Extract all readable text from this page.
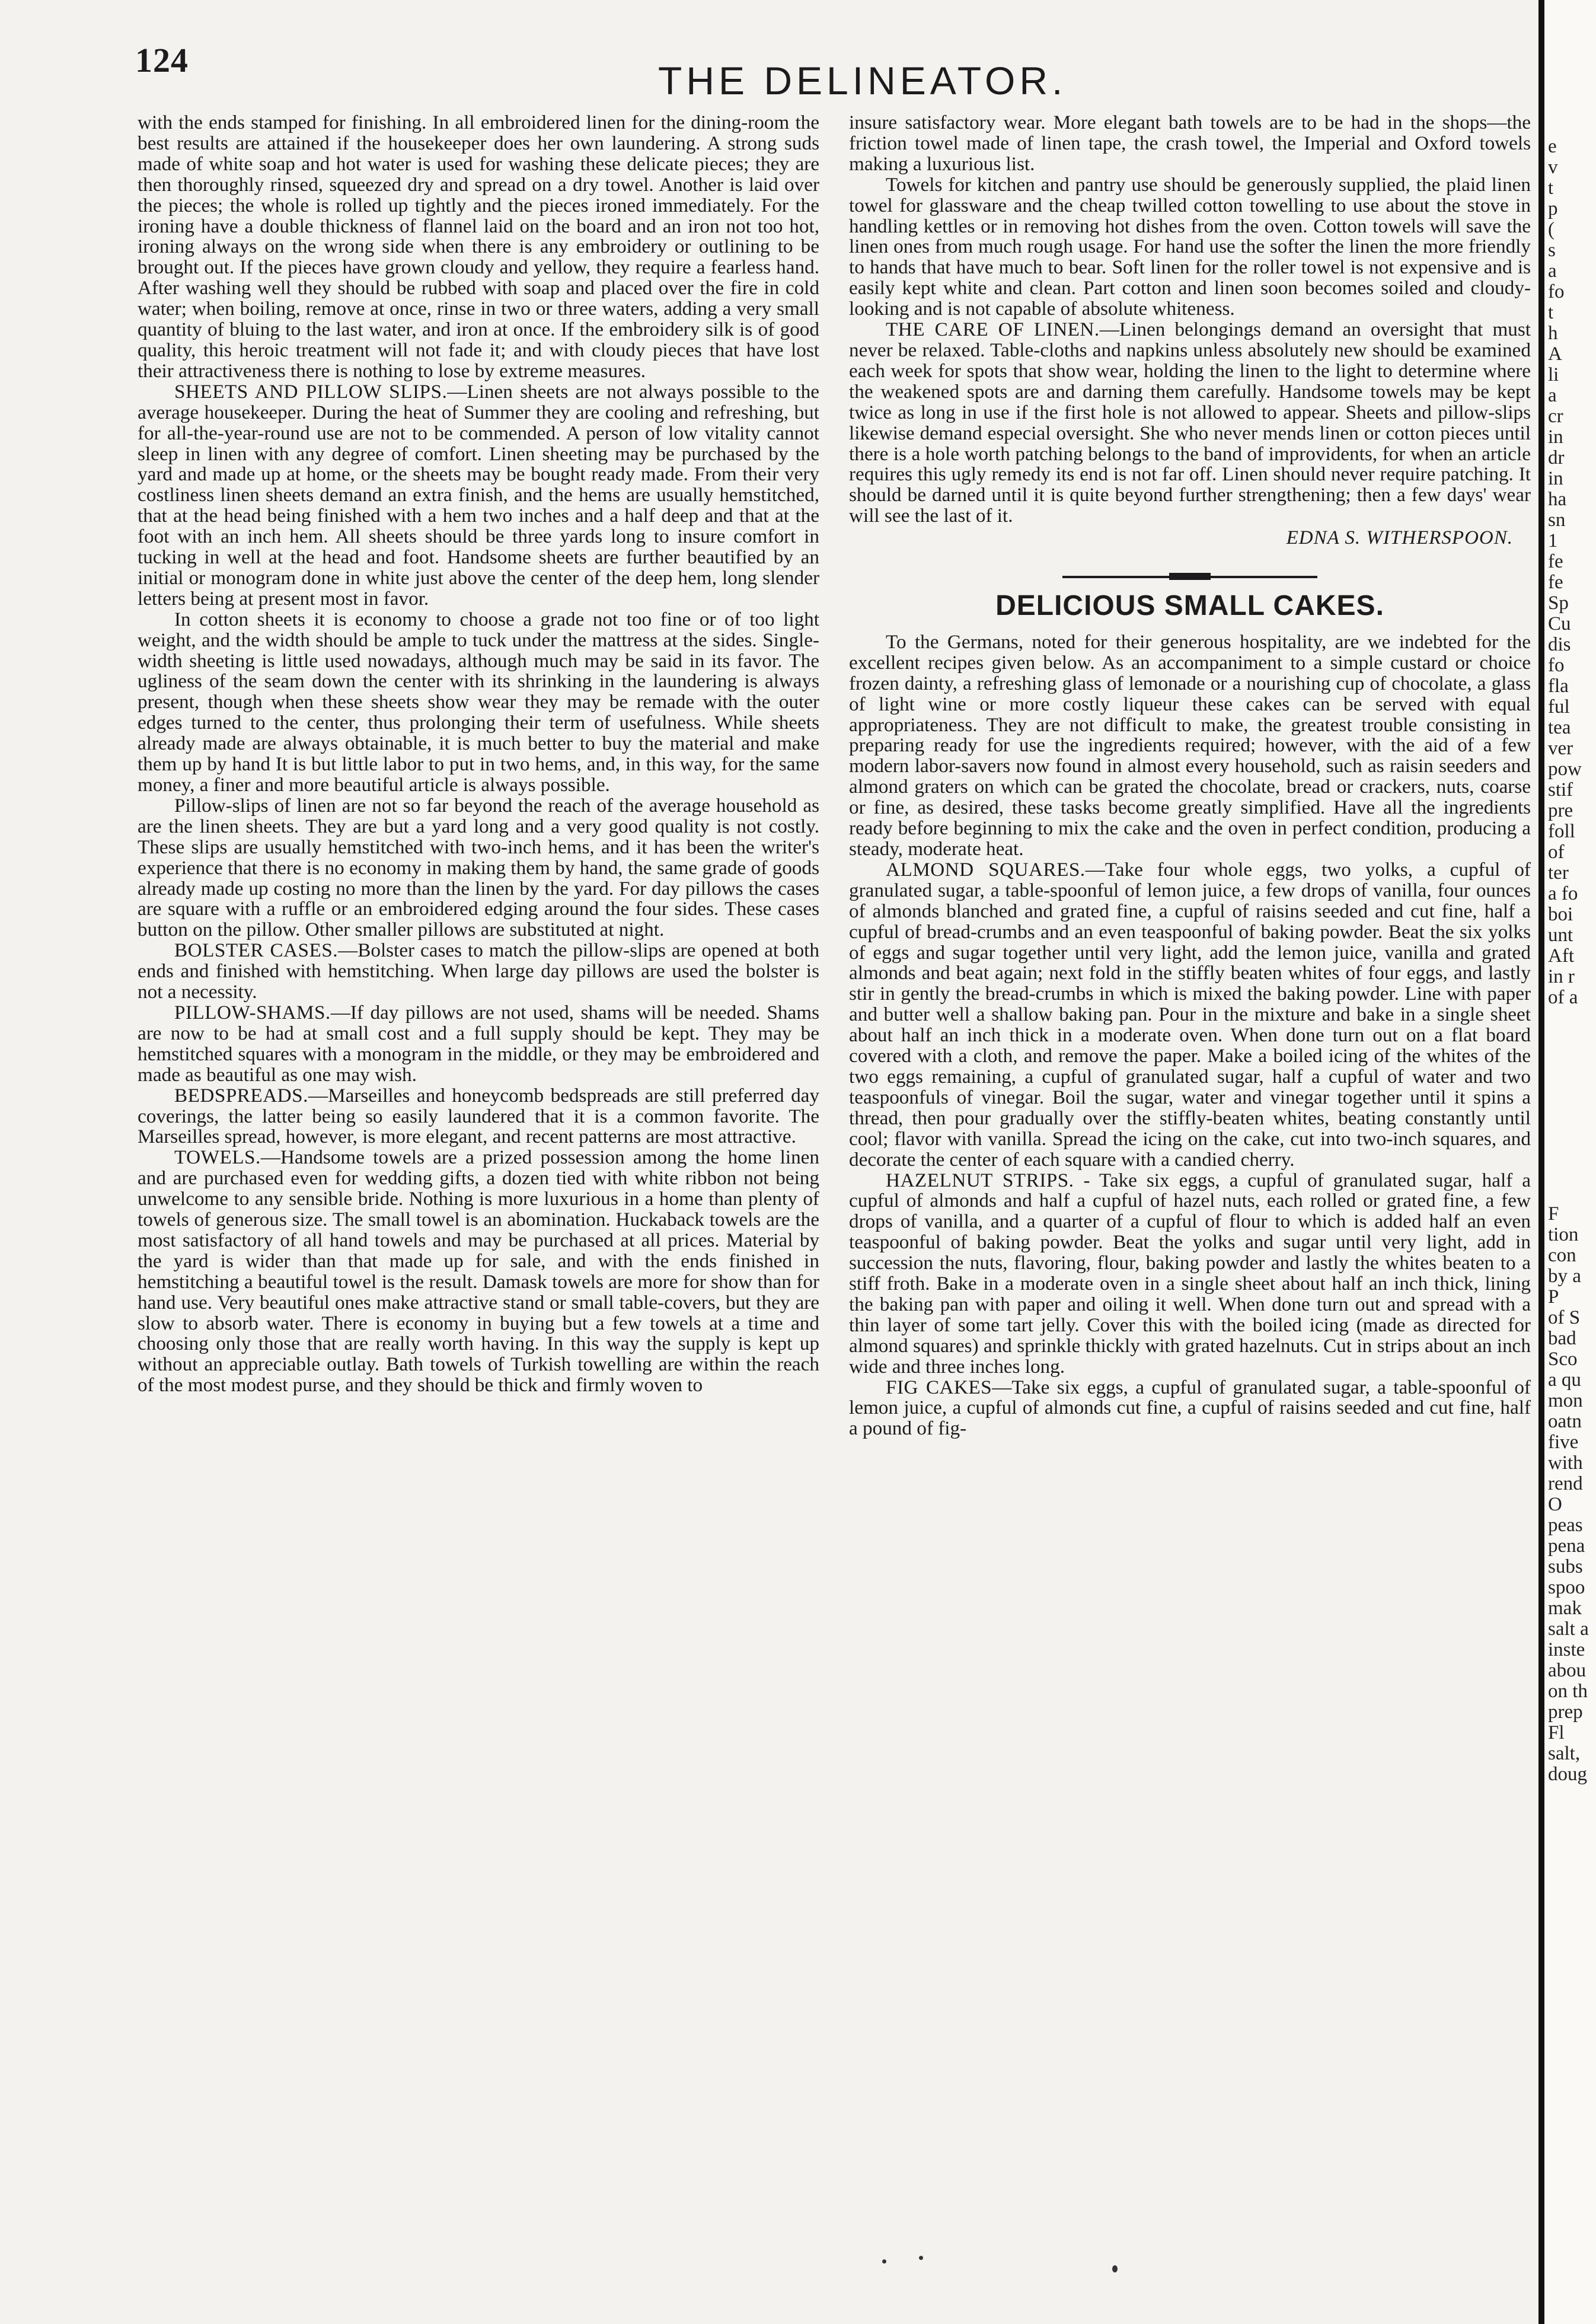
124	THE DELINEATOR.

with the ends stamped for finishing. In all embroidered linen for the dining-room the best results are attained if the housekeeper does her own laundering. A strong suds made of white soap and hot water is used for washing these delicate pieces; they are then thoroughly rinsed, squeezed dry and spread on a dry towel. Another is laid over the pieces; the whole is rolled up tightly and the pieces ironed immediately. For the ironing have a double thickness of flannel laid on the board and an iron not too hot, ironing always on the wrong side when there is any embroidery or outlining to be brought out. If the pieces have grown cloudy and yellow, they require a fearless hand. After washing well they should be rubbed with soap and placed over the fire in cold water; when boiling, remove at once, rinse in two or three waters, adding a very small quantity of bluing to the last water, and iron at once. If the embroidery silk is of good quality, this heroic treatment will not fade it; and with cloudy pieces that have lost their attractiveness there is nothing to lose by extreme measures.

SHEETS AND PILLOW SLIPS.—Linen sheets are not always possible to the average housekeeper. During the heat of Summer they are cooling and refreshing, but for all-the-year-round use are not to be commended. A person of low vitality cannot sleep in linen with any degree of comfort. Linen sheeting may be purchased by the yard and made up at home, or the sheets may be bought ready made. From their very costliness linen sheets demand an extra finish, and the hems are usually hemstitched, that at the head being finished with a hem two inches and a half deep and that at the foot with an inch hem. All sheets should be three yards long to insure comfort in tucking in well at the head and foot. Handsome sheets are further beautified by an initial or monogram done in white just above the center of the deep hem, long slender letters being at present most in favor.

In cotton sheets it is economy to choose a grade not too fine or of too light weight, and the width should be ample to tuck under the mattress at the sides. Single-width sheeting is little used nowadays, although much may be said in its favor. The ugliness of the seam down the center with its shrinking in the laundering is always present, though when these sheets show wear they may be remade with the outer edges turned to the center, thus prolonging their term of usefulness. While sheets already made are always obtainable, it is much better to buy the material and make them up by hand It is but little labor to put in two hems, and, in this way, for the same money, a finer and more beautiful article is always possible.

Pillow-slips of linen are not so far beyond the reach of the average household as are the linen sheets. They are but a yard long and a very good quality is not costly. These slips are usually hemstitched with two-inch hems, and it has been the writer's experience that there is no economy in making them by hand, the same grade of goods already made up costing no more than the linen by the yard. For day pillows the cases are square with a ruffle or an embroidered edging around the four sides. These cases button on the pillow. Other smaller pillows are substituted at night.

BOLSTER CASES.—Bolster cases to match the pillow-slips are opened at both ends and finished with hemstitching. When large day pillows are used the bolster is not a necessity.

PILLOW-SHAMS.—If day pillows are not used, shams will be needed. Shams are now to be had at small cost and a full supply should be kept. They may be hemstitched squares with a monogram in the middle, or they may be embroidered and made as beautiful as one may wish.

BEDSPREADS.—Marseilles and honeycomb bedspreads are still preferred day coverings, the latter being so easily laundered that it is a common favorite. The Marseilles spread, however, is more elegant, and recent patterns are most attractive.

TOWELS.—Handsome towels are a prized possession among the home linen and are purchased even for wedding gifts, a dozen tied with white ribbon not being unwelcome to any sensible bride. Nothing is more luxurious in a home than plenty of towels of generous size. The small towel is an abomination. Huckaback towels are the most satisfactory of all hand towels and may be purchased at all prices. Material by the yard is wider than that made up for sale, and with the ends finished in hemstitching a beautiful towel is the result. Damask towels are more for show than for hand use. Very beautiful ones make attractive stand or small table-covers, but they are slow to absorb water. There is economy in buying but a few towels at a time and choosing only those that are really worth having. In this way the supply is kept up without an appreciable outlay. Bath towels of Turkish towelling are within the reach of the most modest purse, and they should be thick and firmly woven to

insure satisfactory wear. More elegant bath towels are to be had in the shops—the friction towel made of linen tape, the crash towel, the Imperial and Oxford towels making a luxurious list.

Towels for kitchen and pantry use should be generously supplied, the plaid linen towel for glassware and the cheap twilled cotton towelling to use about the stove in handling kettles or in removing hot dishes from the oven. Cotton towels will save the linen ones from much rough usage. For hand use the softer the linen the more friendly to hands that have much to bear. Soft linen for the roller towel is not expensive and is easily kept white and clean. Part cotton and linen soon becomes soiled and cloudy-looking and is not capable of absolute whiteness.

THE CARE OF LINEN.—Linen belongings demand an oversight that must never be relaxed. Table-cloths and napkins unless absolutely new should be examined each week for spots that show wear, holding the linen to the light to determine where the weakened spots are and darning them carefully. Handsome towels may be kept twice as long in use if the first hole is not allowed to appear. Sheets and pillow-slips likewise demand especial oversight. She who never mends linen or cotton pieces until there is a hole worth patching belongs to the band of improvidents, for when an article requires this ugly remedy its end is not far off. Linen should never require patching. It should be darned until it is quite beyond further strengthening; then a few days' wear will see the last of it.

EDNA S. WITHERSPOON.
DELICIOUS SMALL CAKES.

To the Germans, noted for their generous hospitality, are we indebted for the excellent recipes given below. As an accompaniment to a simple custard or choice frozen dainty, a refreshing glass of lemonade or a nourishing cup of chocolate, a glass of light wine or more costly liqueur these cakes can be served with equal appropriateness. They are not difficult to make, the greatest trouble consisting in preparing ready for use the ingredients required; however, with the aid of a few modern labor-savers now found in almost every household, such as raisin seeders and almond graters on which can be grated the chocolate, bread or crackers, nuts, coarse or fine, as desired, these tasks become greatly simplified. Have all the ingredients ready before beginning to mix the cake and the oven in perfect condition, producing a steady, moderate heat.

ALMOND SQUARES.—Take four whole eggs, two yolks, a cupful of granulated sugar, a table-spoonful of lemon juice, a few drops of vanilla, four ounces of almonds blanched and grated fine, a cupful of raisins seeded and cut fine, half a cupful of bread-crumbs and an even teaspoonful of baking powder. Beat the six yolks of eggs and sugar together until very light, add the lemon juice, vanilla and grated almonds and beat again; next fold in the stiffly beaten whites of four eggs, and lastly stir in gently the bread-crumbs in which is mixed the baking powder. Line with paper and butter well a shallow baking pan. Pour in the mixture and bake in a single sheet about half an inch thick in a moderate oven. When done turn out on a flat board covered with a cloth, and remove the paper. Make a boiled icing of the whites of the two eggs remaining, a cupful of granulated sugar, half a cupful of water and two teaspoonfuls of vinegar. Boil the sugar, water and vinegar together until it spins a thread, then pour gradually over the stiffly-beaten whites, beating constantly until cool; flavor with vanilla. Spread the icing on the cake, cut into two-inch squares, and decorate the center of each square with a candied cherry.

HAZELNUT STRIPS. - Take six eggs, a cupful of granulated sugar, half a cupful of almonds and half a cupful of hazel nuts, each rolled or grated fine, a few drops of vanilla, and a quarter of a cupful of flour to which is added half an even teaspoonful of baking powder. Beat the yolks and sugar until very light, add in succession the nuts, flavoring, flour, baking powder and lastly the whites beaten to a stiff froth. Bake in a moderate oven in a single sheet about half an inch thick, lining the baking pan with paper and oiling it well. When done turn out and spread with a thin layer of some tart jelly. Cover this with the boiled icing (made as directed for almond squares) and sprinkle thickly with grated hazelnuts. Cut in strips about an inch wide and three inches long.

FIG CAKES—Take six eggs, a cupful of granulated sugar, a table-spoonful of lemon juice, a cupful of almonds cut fine, a cupful of raisins seeded and cut fine, half a pound of fig-

e
v
t
p
(
s
a
fo
t
h
A
li
a
cr
in
dr
in
ha
sn
1
fe
fe
Sp
Cu
dis
fo
fla
ful
tea
ver
pow
stif
pre
foll
of
ter
a fo
boi
unt
Aft
in r
of a
F
tion
con
by a
P
of S
bad
Sco
a qu
mon
oatn
five
with
rend
O
peas
pena
subs
spoo
mak
salt a
inste
abou
on th
prep
Fl
salt,
doug
